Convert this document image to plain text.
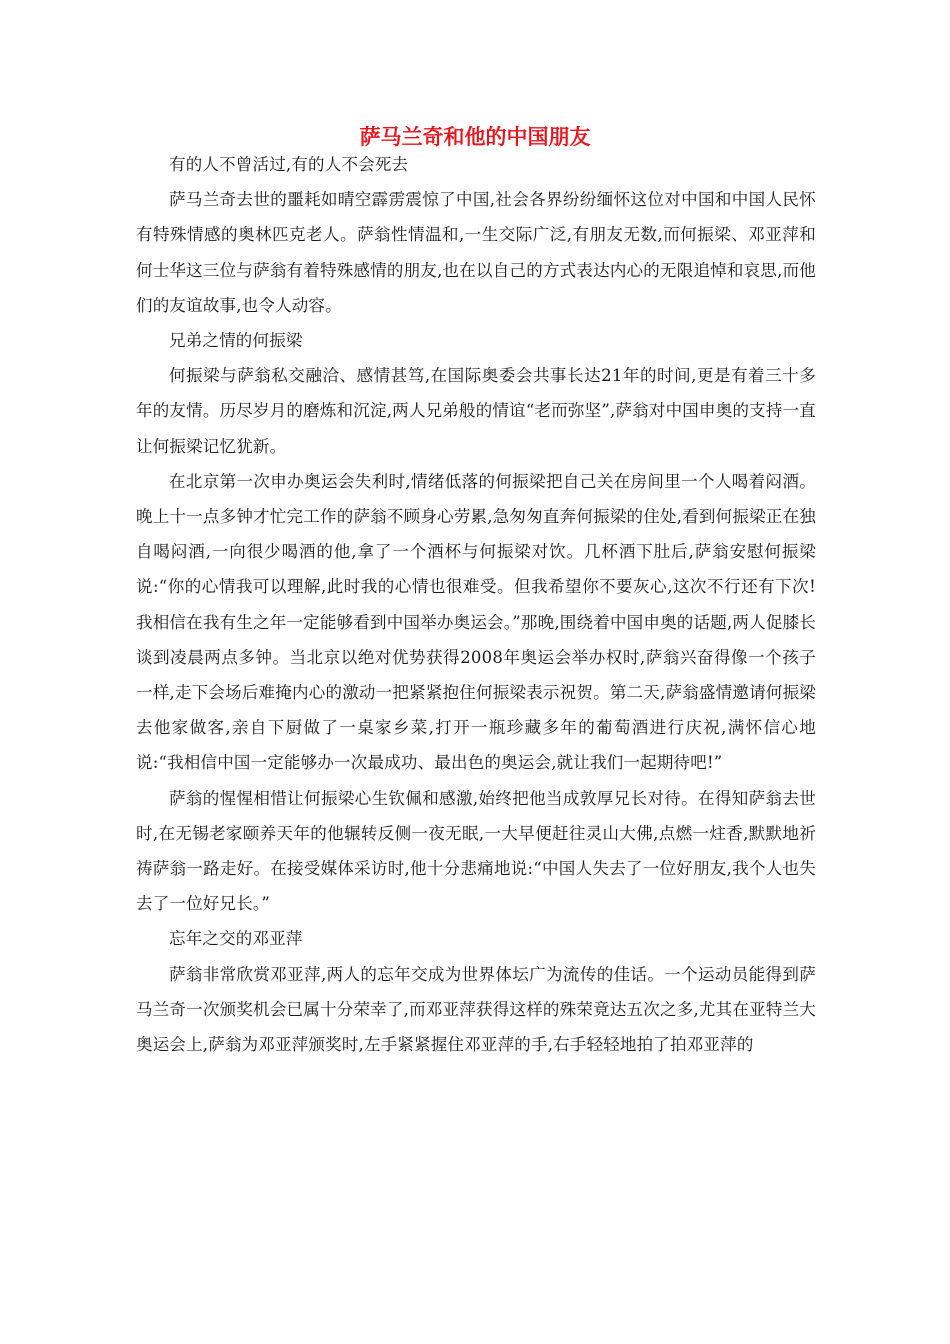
萨马兰奇和他的中国朋友

有的人不曾活过,有的人不会死去

萨马兰奇去世的噩耗如晴空霹雳震惊了中国,社会各界纷纷缅怀这位对中国和中国人民怀有特殊情感的奥林匹克老人。萨翁性情温和,一生交际广泛,有朋友无数,而何振梁、邓亚萍和何士华这三位与萨翁有着特殊感情的朋友,也在以自己的方式表达内心的无限追悼和哀思,而他们的友谊故事,也令人动容。

兄弟之情的何振梁

何振梁与萨翁私交融洽、感情甚笃,在国际奥委会共事长达21年的时间,更是有着三十多年的友情。历尽岁月的磨炼和沉淀,两人兄弟般的情谊“老而弥坚”,萨翁对中国申奥的支持一直让何振梁记忆犹新。

在北京第一次申办奥运会失利时,情绪低落的何振梁把自己关在房间里一个人喝着闷酒。晚上十一点多钟才忙完工作的萨翁不顾身心劳累,急匆匆直奔何振梁的住处,看到何振梁正在独自喝闷酒,一向很少喝酒的他,拿了一个酒杯与何振梁对饮。几杯酒下肚后,萨翁安慰何振梁说:“你的心情我可以理解,此时我的心情也很难受。但我希望你不要灰心,这次不行还有下次!我相信在我有生之年一定能够看到中国举办奥运会。”那晚,围绕着中国申奥的话题,两人促膝长谈到凌晨两点多钟。当北京以绝对优势获得2008年奥运会举办权时,萨翁兴奋得像一个孩子一样,走下会场后难掩内心的激动一把紧紧抱住何振梁表示祝贺。第二天,萨翁盛情邀请何振梁去他家做客,亲自下厨做了一桌家乡菜,打开一瓶珍藏多年的葡萄酒进行庆祝,满怀信心地说:“我相信中国一定能够办一次最成功、最出色的奥运会,就让我们一起期待吧!”

萨翁的惺惺相惜让何振梁心生钦佩和感激,始终把他当成敦厚兄长对待。在得知萨翁去世时,在无锡老家颐养天年的他辗转反侧一夜无眠,一大早便赶往灵山大佛,点燃一炷香,默默地祈祷萨翁一路走好。在接受媒体采访时,他十分悲痛地说:“中国人失去了一位好朋友,我个人也失去了一位好兄长。”

忘年之交的邓亚萍

萨翁非常欣赏邓亚萍,两人的忘年交成为世界体坛广为流传的佳话。一个运动员能得到萨马兰奇一次颁奖机会已属十分荣幸了,而邓亚萍获得这样的殊荣竟达五次之多,尤其在亚特兰大奥运会上,萨翁为邓亚萍颁奖时,左手紧紧握住邓亚萍的手,右手轻轻地拍了拍邓亚萍的
